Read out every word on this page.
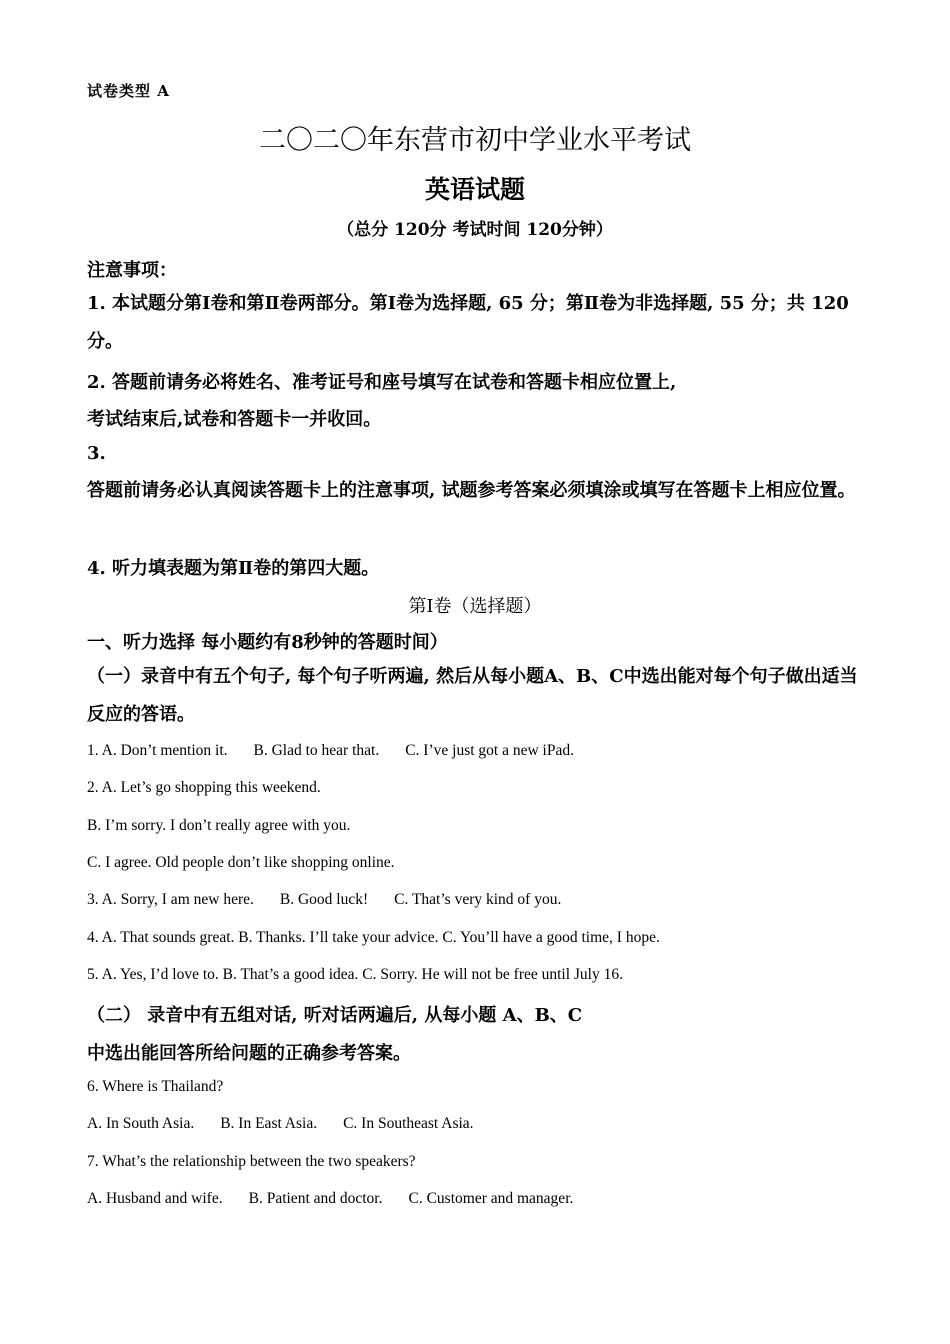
试卷类型 A
二〇二〇年东营市初中学业水平考试
英语试题
（总分 120分 考试时间 120分钟）
注意事项：
1. 本试题分第Ⅰ卷和第Ⅱ卷两部分。第Ⅰ卷为选择题, 65 分；第Ⅱ卷为非选择题, 55 分；共 120 分。
2. 答题前请务必将姓名、准考证号和座号填写在试卷和答题卡相应位置上,
考试结束后,试卷和答题卡一并收回。
3.
答题前请务必认真阅读答题卡上的注意事项, 试题参考答案必须填涂或填写在答题卡上相应位置。
4. 听力填表题为第Ⅱ卷的第四大题。
第Ⅰ卷（选择题）
一、听力选择 每小题约有8秒钟的答题时间）
（一）录音中有五个句子, 每个句子听两遍, 然后从每小题A、B、C中选出能对每个句子做出适当反应的答语。
1. A. Don’t mention it. B. Glad to hear that. C. I’ve just got a new iPad.
2. A. Let’s go shopping this weekend.
B. I’m sorry. I don’t really agree with you.
C. I agree. Old people don’t like shopping online.
3. A. Sorry, I am new here. B. Good luck! C. That’s very kind of you.
4. A. That sounds great. B. Thanks. I’ll take your advice. C. You’ll have a good time, I hope.
5. A. Yes, I’d love to. B. That’s a good idea. C. Sorry. He will not be free until July 16.
（二） 录音中有五组对话, 听对话两遍后, 从每小题 A、B、C
中选出能回答所给问题的正确参考答案。
6. Where is Thailand?
A. In South Asia. B. In East Asia. C. In Southeast Asia.
7. What’s the relationship between the two speakers?
A. Husband and wife. B. Patient and doctor. C. Customer and manager.
